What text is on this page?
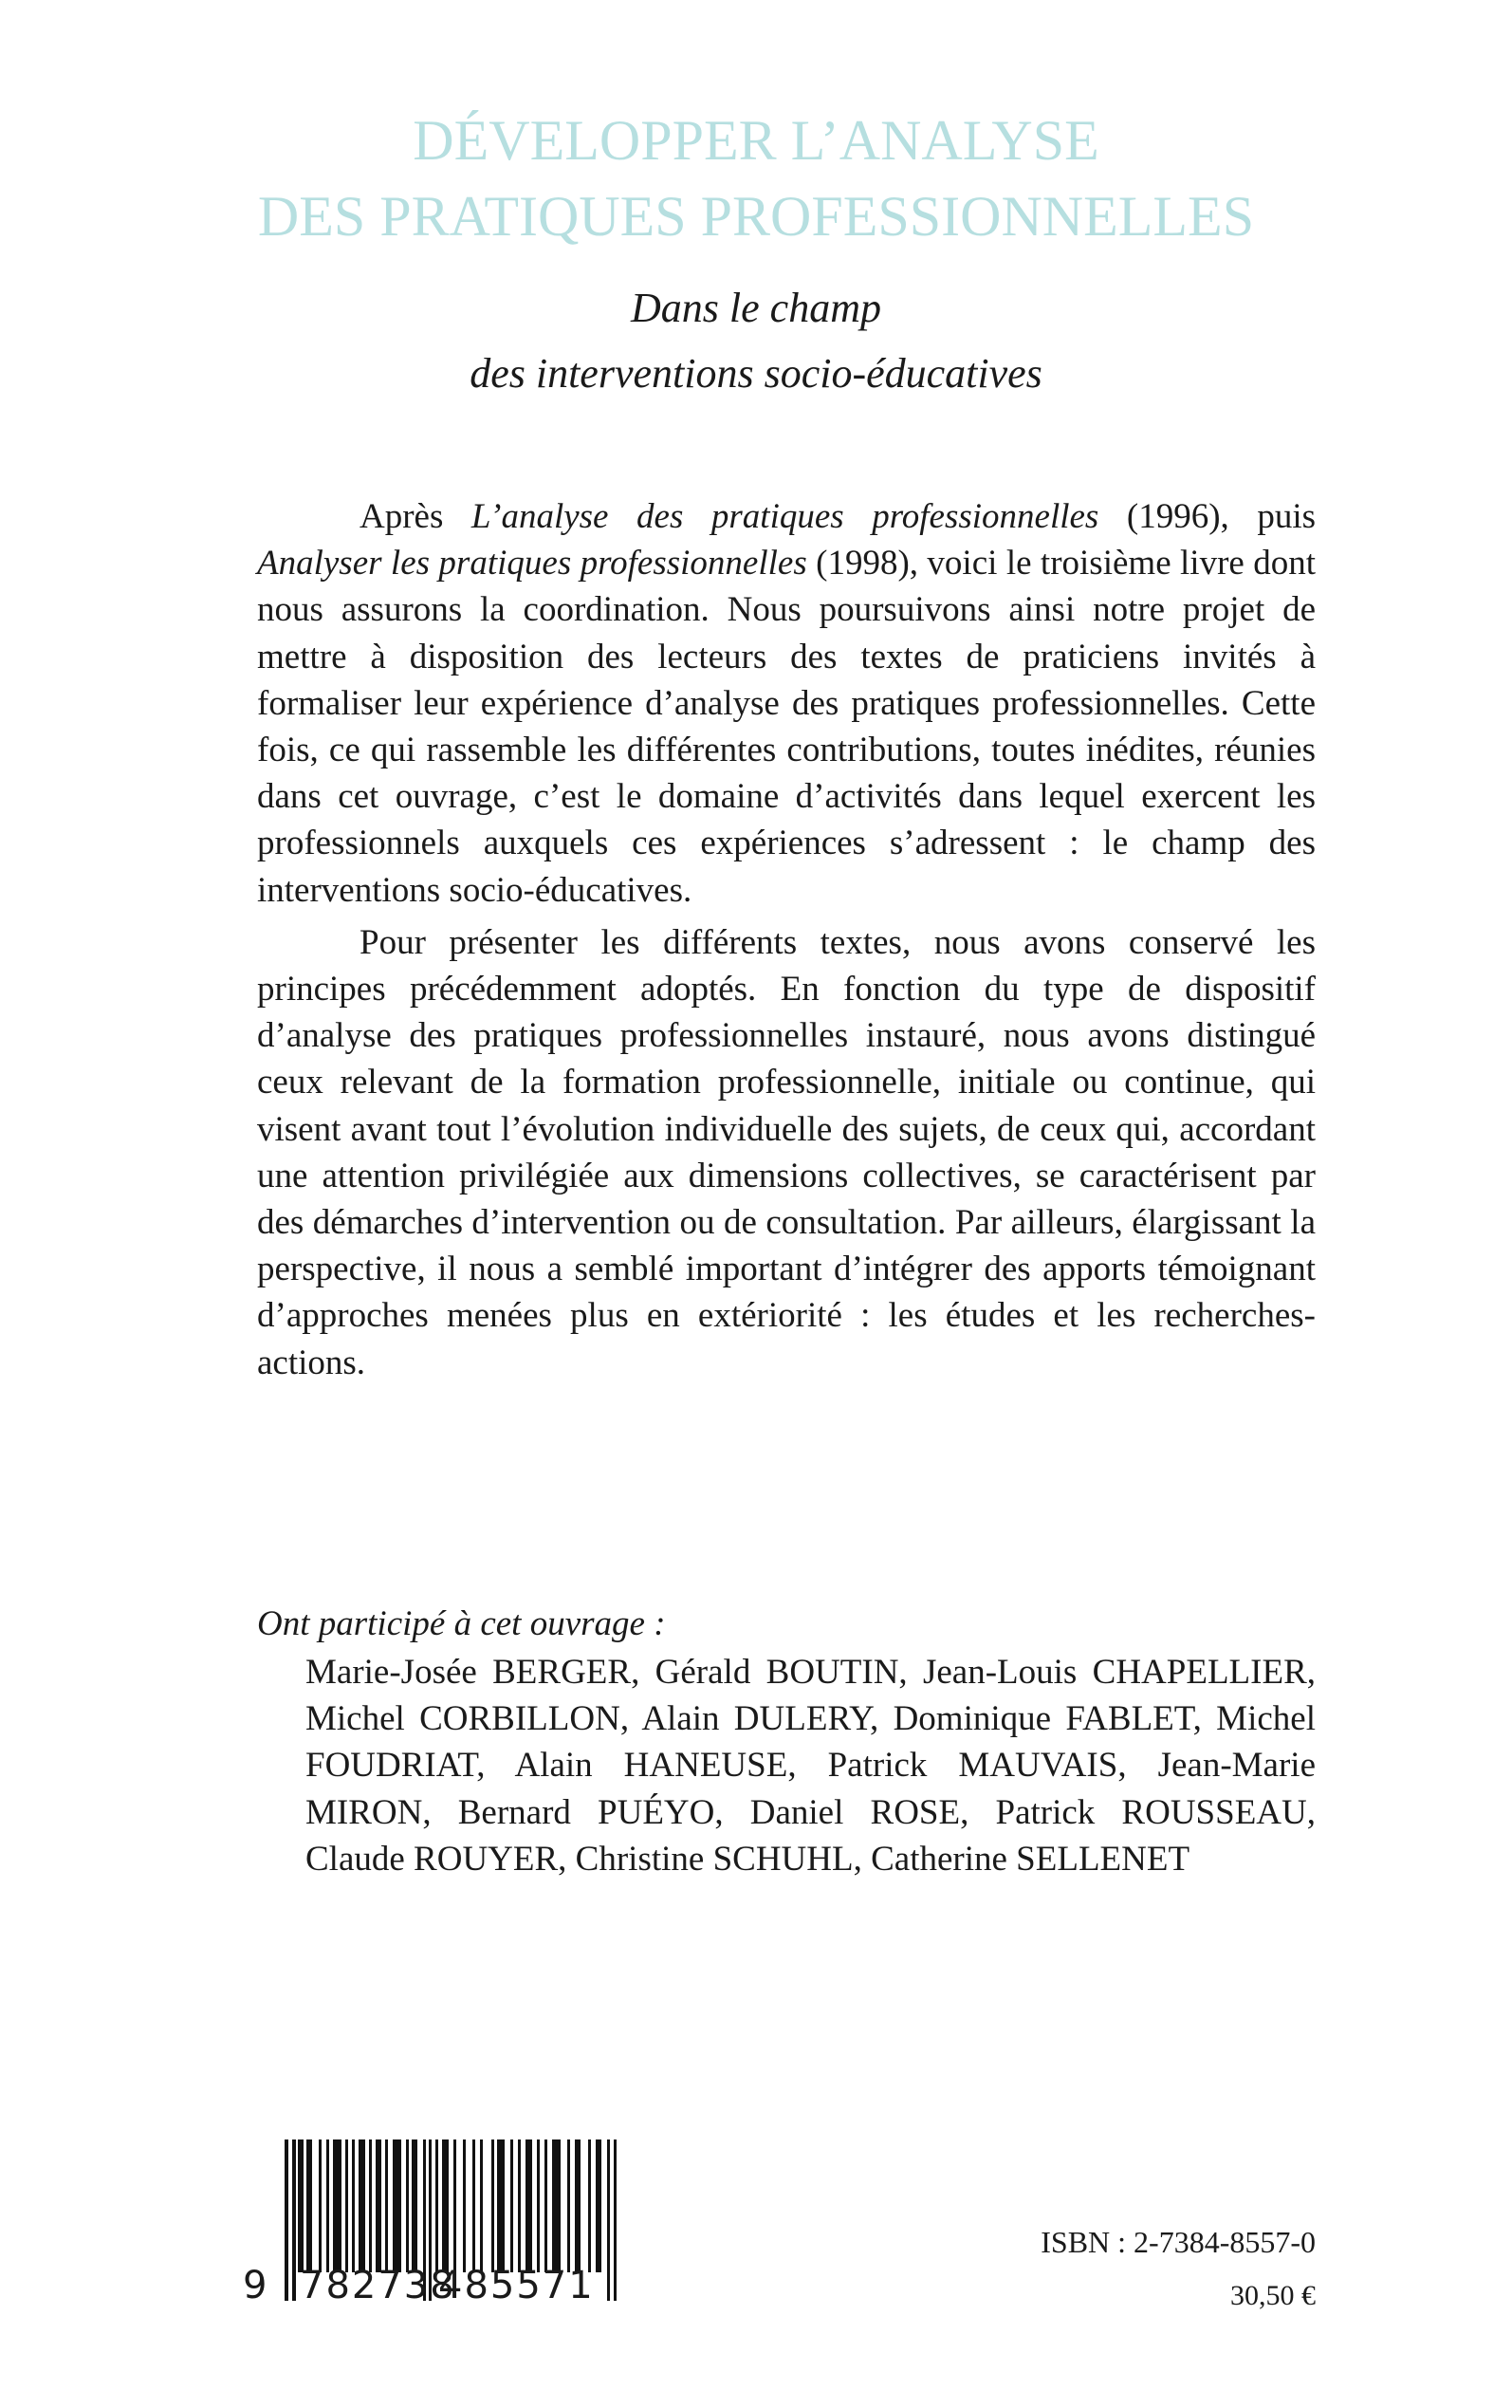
DÉVELOPPER L’ANALYSE
DES PRATIQUES PROFESSIONNELLES
Dans le champ
des interventions socio-éducatives

Après L’analyse des pratiques professionnelles (1996), puis Analyser les pratiques professionnelles (1998), voici le troisième livre dont nous assurons la coordination. Nous poursuivons ainsi notre projet de mettre à disposition des lecteurs des textes de praticiens invités à formaliser leur expérience d’analyse des pratiques professionnelles. Cette fois, ce qui rassemble les différentes contributions, toutes inédites, réunies dans cet ouvrage, c’est le domaine d’activités dans lequel exercent les professionnels auxquels ces expériences s’adressent : le champ des interventions socio-éducatives.

Pour présenter les différents textes, nous avons conservé les principes précédemment adoptés. En fonction du type de dispositif d’analyse des pratiques professionnelles instauré, nous avons distingué ceux relevant de la formation professionnelle, initiale ou continue, qui visent avant tout l’évolution individuelle des sujets, de ceux qui, accordant une attention privilégiée aux dimensions collectives, se caractérisent par des démarches d’intervention ou de consultation. Par ailleurs, élargissant la perspective, il nous a semblé important d’intégrer des apports témoignant d’approches menées plus en extériorité : les études et les recherches-actions.

Ont participé à cet ouvrage :
Marie-Josée BERGER, Gérald BOUTIN, Jean-Louis CHAPELLIER, Michel CORBILLON, Alain DULERY, Dominique FABLET, Michel FOUDRIAT, Alain HANEUSE, Patrick MAUVAIS, Jean-Marie MIRON, Bernard PUÉYO, Daniel ROSE, Patrick ROUSSEAU, Claude ROUYER, Christine SCHUHL, Catherine SELLENET
9 782738
485571
ISBN : 2-7384-8557-0
30,50 €
